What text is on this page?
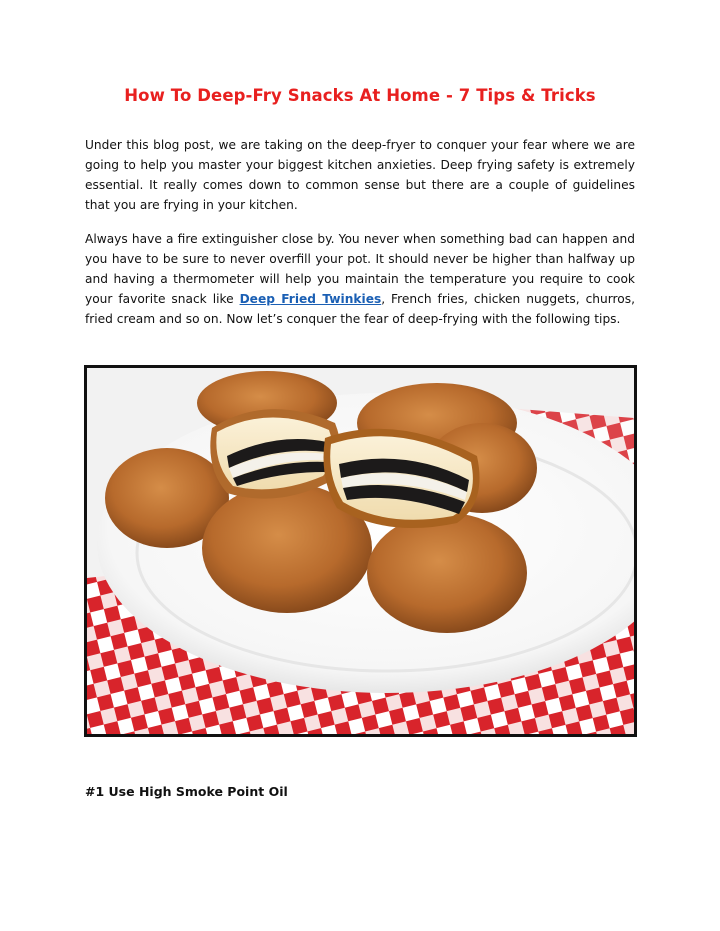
How To Deep-Fry Snacks At Home - 7 Tips & Tricks

Under this blog post, we are taking on the deep-fryer to conquer your fear where we are going to help you master your biggest kitchen anxieties. Deep frying safety is extremely essential. It really comes down to common sense but there are a couple of guidelines that you are frying in your kitchen.

Always have a fire extinguisher close by. You never when something bad can happen and you have to be sure to never overfill your pot. It should never be higher than halfway up and having a thermometer will help you maintain the temperature you require to cook your favorite snack like Deep Fried Twinkies, French fries, chicken nuggets, churros, fried cream and so on. Now let’s conquer the fear of deep-frying with the following tips.

#1 Use High Smoke Point Oil
